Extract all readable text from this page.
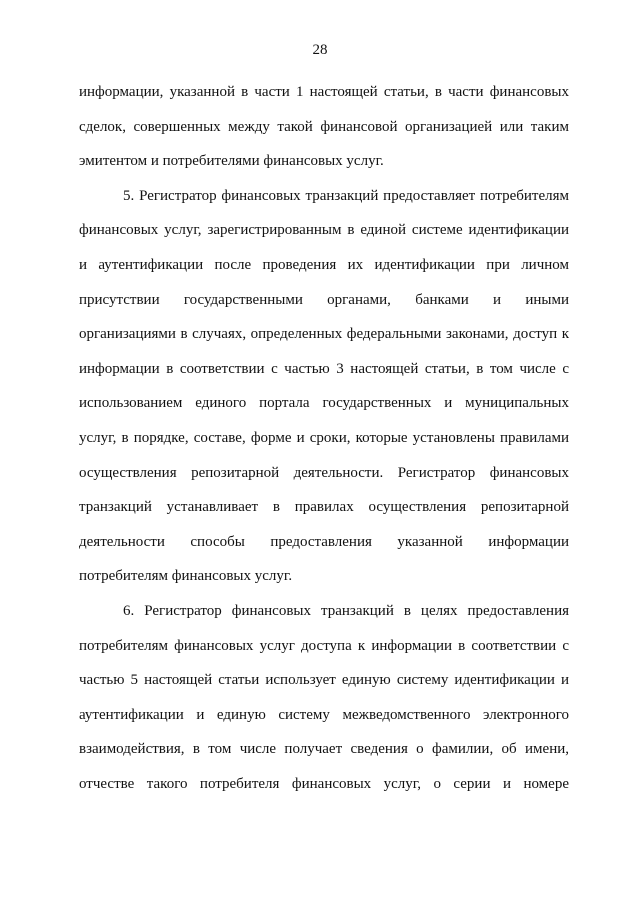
28
информации, указанной в части 1 настоящей статьи, в части финансовых
сделок, совершенных между такой финансовой организацией или таким
эмитентом и потребителями финансовых услуг.
5. Регистратор финансовых транзакций предоставляет потребителям
финансовых услуг, зарегистрированным в единой системе идентификации
и аутентификации после проведения их идентификации при личном
присутствии государственными органами, банками и иными
организациями в случаях, определенных федеральными законами, доступ к
информации в соответствии с частью 3 настоящей статьи, в том числе с
использованием единого портала государственных и муниципальных
услуг, в порядке, составе, форме и сроки, которые установлены правилами
осуществления репозитарной деятельности. Регистратор финансовых
транзакций устанавливает в правилах осуществления репозитарной
деятельности способы предоставления указанной информации
потребителям финансовых услуг.
6. Регистратор финансовых транзакций в целях предоставления
потребителям финансовых услуг доступа к информации в соответствии с
частью 5 настоящей статьи использует единую систему идентификации и
аутентификации и единую систему межведомственного электронного
взаимодействия, в том числе получает сведения о фамилии, об имени,
отчестве такого потребителя финансовых услуг, о серии и номере
